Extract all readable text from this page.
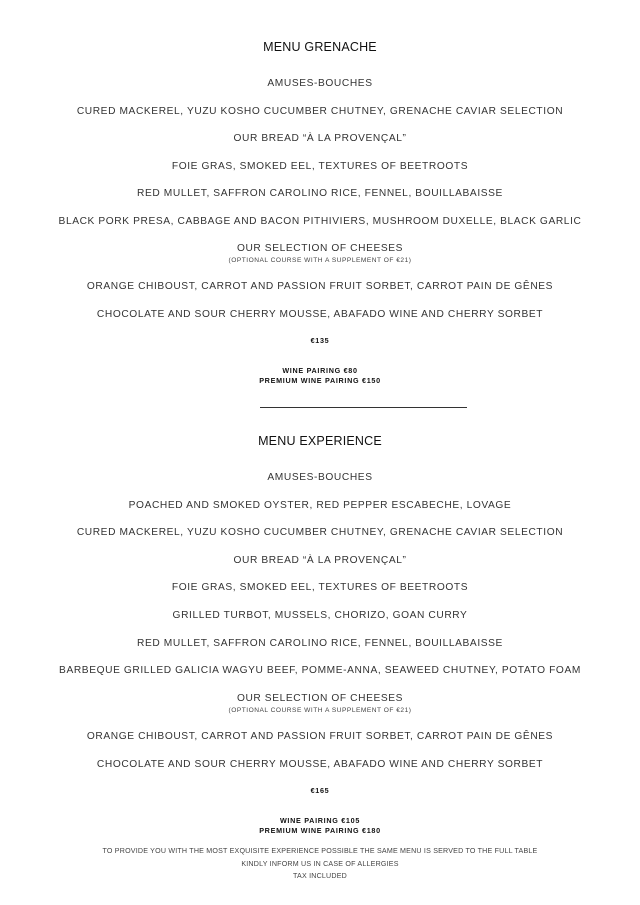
MENU GRENACHE
AMUSES-BOUCHES
CURED MACKEREL, YUZU KOSHO CUCUMBER CHUTNEY, GRENACHE CAVIAR SELECTION
OUR BREAD “À LA PROVENÇAL”
FOIE GRAS, SMOKED EEL, TEXTURES OF BEETROOTS
RED MULLET, SAFFRON CAROLINO RICE, FENNEL, BOUILLABAISSE
BLACK PORK PRESA, CABBAGE AND BACON PITHIVIERS, MUSHROOM DUXELLE, BLACK GARLIC
OUR SELECTION OF CHEESES
(OPTIONAL COURSE WITH A SUPPLEMENT OF €21)
ORANGE CHIBOUST, CARROT AND PASSION FRUIT SORBET, CARROT PAIN DE GÊNES
CHOCOLATE AND SOUR CHERRY MOUSSE, ABAFADO WINE AND CHERRY SORBET
€135
WINE PAIRING €80
PREMIUM WINE PAIRING €150
MENU EXPERIENCE
AMUSES-BOUCHES
POACHED AND SMOKED OYSTER, RED PEPPER ESCABECHE, LOVAGE
CURED MACKEREL, YUZU KOSHO CUCUMBER CHUTNEY, GRENACHE CAVIAR SELECTION
OUR BREAD “À LA PROVENÇAL”
FOIE GRAS, SMOKED EEL, TEXTURES OF BEETROOTS
GRILLED TURBOT, MUSSELS, CHORIZO, GOAN CURRY
RED MULLET, SAFFRON CAROLINO RICE, FENNEL, BOUILLABAISSE
BARBEQUE GRILLED GALICIA WAGYU BEEF, POMME-ANNA, SEAWEED CHUTNEY, POTATO FOAM
OUR SELECTION OF CHEESES
(OPTIONAL COURSE WITH A SUPPLEMENT OF €21)
ORANGE CHIBOUST, CARROT AND PASSION FRUIT SORBET, CARROT PAIN DE GÊNES
CHOCOLATE AND SOUR CHERRY MOUSSE, ABAFADO WINE AND CHERRY SORBET
€165
WINE PAIRING €105
PREMIUM WINE PAIRING €180
TO PROVIDE YOU WITH THE MOST EXQUISITE EXPERIENCE POSSIBLE THE SAME MENU IS SERVED TO THE FULL TABLE
KINDLY INFORM US IN CASE OF ALLERGIES
TAX INCLUDED
